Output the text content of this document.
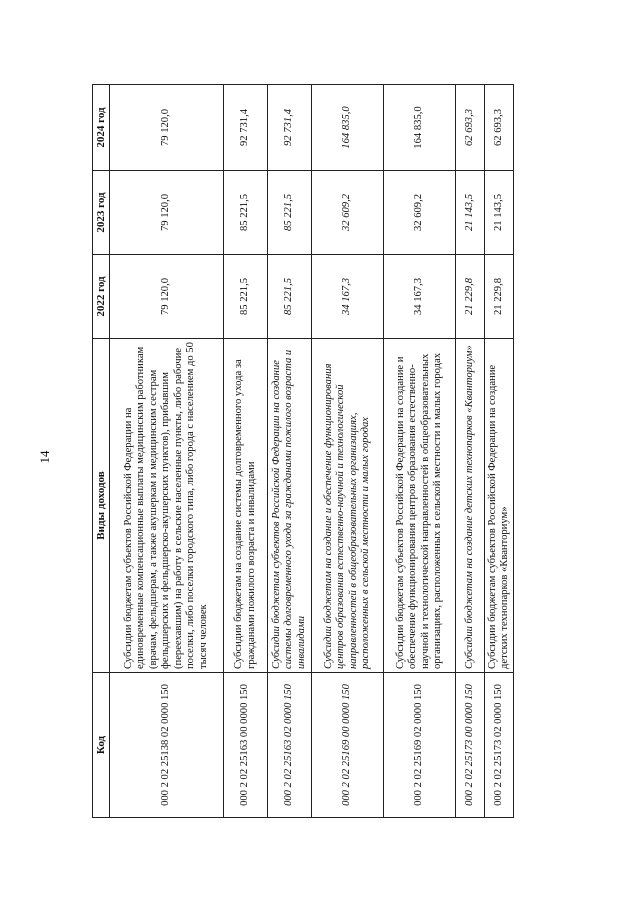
14
Код	Виды доходов	2022 год	2023 год	2024 год
000 2 02 25138 02 0000 150	Субсидии бюджетам субъектов Российской Федерации на единовременные компенсационные выплаты медицинским работникам (врачам, фельдшерам, а также акушеркам и медицинским сестрам фельдшерских и фельдшерско-акушерских пунктов), прибывшим (переехавшим) на работу в сельские населенные пункты, либо рабочие поселки, либо поселки городского типа, либо города с населением до 50 тысяч человек	79 120,0	79 120,0	79 120,0
000 2 02 25163 00 0000 150	Субсидии бюджетам на создание системы долговременного ухода за гражданами пожилого возраста и инвалидами	85 221,5	85 221,5	92 731,4
000 2 02 25163 02 0000 150	Субсидии бюджетам субъектов Российской Федерации на создание системы долговременного ухода за гражданами пожилого возраста и инвалидами	85 221,5	85 221,5	92 731,4
000 2 02 25169 00 0000 150	Субсидии бюджетам на создание и обеспечение функционирования центров образования естественно-научной и технологической направленностей в общеобразовательных организациях, расположенных в сельской местности и малых городах	34 167,3	32 609,2	164 835,0
000 2 02 25169 02 0000 150	Субсидии бюджетам субъектов Российской Федерации на создание и обеспечение функционирования центров образования естественно-научной и технологической направленностей в общеобразовательных организациях, расположенных в сельской местности и малых городах	34 167,3	32 609,2	164 835,0
000 2 02 25173 00 0000 150	Субсидии бюджетам на создание детских технопарков «Кванториум»	21 229,8	21 143,5	62 693,3
000 2 02 25173 02 0000 150	Субсидии бюджетам субъектов Российской Федерации на создание детских технопарков «Кванториум»	21 229,8	21 143,5	62 693,3
